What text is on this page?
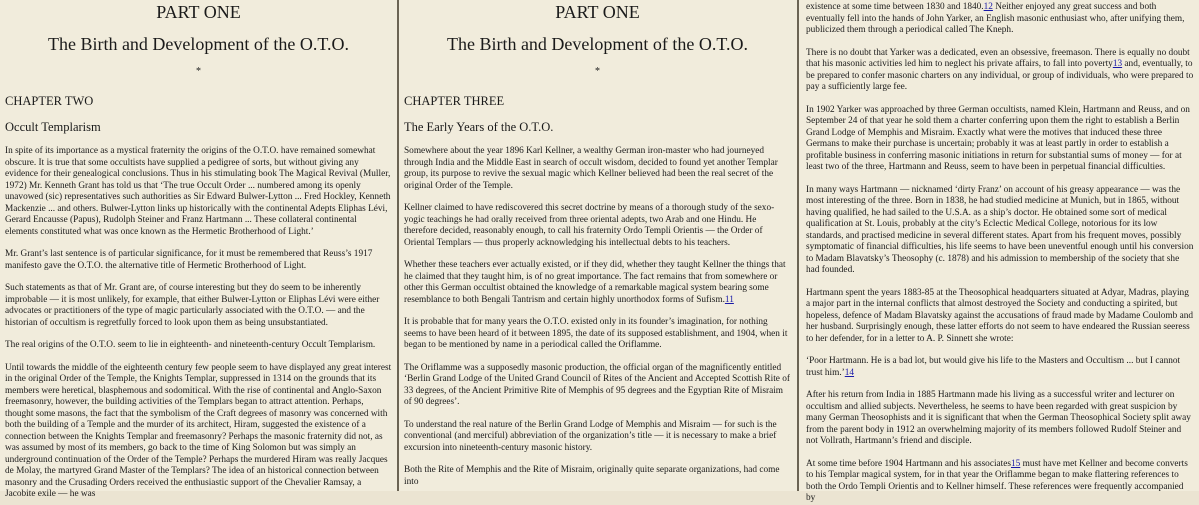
PART ONE
The Birth and Development of the O.T.O.
*
CHAPTER TWO
Occult Templarism

In spite of its importance as a mystical fraternity the origins of the O.T.O. have remained somewhat obscure. It is true that some occultists have supplied a pedigree of sorts, but without giving any evidence for their genealogical conclusions. Thus in his stimulating book The Magical Revival (Muller, 1972) Mr. Kenneth Grant has told us that ‘The true Occult Order ... numbered among its openly unavowed (sic) representatives such authorities as Sir Edward Bulwer-Lytton ... Fred Hockley, Kenneth Mackenzie ... and others. Bulwer-Lytton links up historically with the continental Adepts Eliphas Lévi, Gerard Encausse (Papus), Rudolph Steiner and Franz Hartmann ... These collateral continental elements constituted what was once known as the Hermetic Brotherhood of Light.’

Mr. Grant’s last sentence is of particular significance, for it must be remembered that Reuss’s 1917 manifesto gave the O.T.O. the alternative title of Hermetic Brotherhood of Light.

Such statements as that of Mr. Grant are, of course interesting but they do seem to be inherently improbable — it is most unlikely, for example, that either Bulwer-Lytton or Eliphas Lévi were either advocates or practitioners of the type of magic particularly associated with the O.T.O. — and the historian of occultism is regretfully forced to look upon them as being unsubstantiated.

The real origins of the O.T.O. seem to lie in eighteenth- and nineteenth-century Occult Templarism.

Until towards the middle of the eighteenth century few people seem to have displayed any great interest in the original Order of the Temple, the Knights Templar, suppressed in 1314 on the grounds that its members were heretical, blasphemous and sodomitical. With the rise of continental and Anglo-Saxon freemasonry, however, the building activities of the Templars began to attract attention. Perhaps, thought some masons, the fact that the symbolism of the Craft degrees of masonry was concerned with both the building of a Temple and the murder of its architect, Hiram, suggested the existence of a connection between the Knights Templar and freemasonry? Perhaps the masonic fraternity did not, as was assumed by most of its members, go back to the time of King Solomon but was simply an underground continuation of the Order of the Temple? Perhaps the murdered Hiram was really Jacques de Molay, the martyred Grand Master of the Templars? The idea of an historical connection between masonry and the Crusading Orders received the enthusiastic support of the Chevalier Ramsay, a Jacobite exile — he was

PART ONE
The Birth and Development of the O.T.O.
*
CHAPTER THREE
The Early Years of the O.T.O.

Somewhere about the year 1896 Karl Kellner, a wealthy German iron-master who had journeyed through India and the Middle East in search of occult wisdom, decided to found yet another Templar group, its purpose to revive the sexual magic which Kellner believed had been the real secret of the original Order of the Temple.

Kellner claimed to have rediscovered this secret doctrine by means of a thorough study of the sexo-yogic teachings he had orally received from three oriental adepts, two Arab and one Hindu. He therefore decided, reasonably enough, to call his fraternity Ordo Templi Orientis — the Order of Oriental Templars — thus properly acknowledging his intellectual debts to his teachers.

Whether these teachers ever actually existed, or if they did, whether they taught Kellner the things that he claimed that they taught him, is of no great importance. The fact remains that from somewhere or other this German occultist obtained the knowledge of a remarkable magical system bearing some resemblance to both Bengali Tantrism and certain highly unorthodox forms of Sufism.11

It is probable that for many years the O.T.O. existed only in its founder’s imagination, for nothing seems to have been heard of it between 1895, the date of its supposed establishment, and 1904, when it began to be mentioned by name in a periodical called the Oriflamme.

The Oriflamme was a supposedly masonic production, the official organ of the magnificently entitled ‘Berlin Grand Lodge of the United Grand Council of Rites of the Ancient and Accepted Scottish Rite of 33 degrees, of the Ancient Primitive Rite of Memphis of 95 degrees and the Egyptian Rite of Misraim of 90 degrees’.

To understand the real nature of the Berlin Grand Lodge of Memphis and Misraim — for such is the conventional (and merciful) abbreviation of the organization’s title — it is necessary to make a brief excursion into nineteenth-century masonic history.

Both the Rite of Memphis and the Rite of Misraim, originally quite separate organizations, had come into

existence at some time between 1830 and 1840.12 Neither enjoyed any great success and both eventually fell into the hands of John Yarker, an English masonic enthusiast who, after unifying them, publicized them through a periodical called The Kneph.

There is no doubt that Yarker was a dedicated, even an obsessive, freemason. There is equally no doubt that his masonic activities led him to neglect his private affairs, to fall into poverty13 and, eventually, to be prepared to confer masonic charters on any individual, or group of individuals, who were prepared to pay a sufficiently large fee.

In 1902 Yarker was approached by three German occultists, named Klein, Hartmann and Reuss, and on September 24 of that year he sold them a charter conferring upon them the right to establish a Berlin Grand Lodge of Memphis and Misraim. Exactly what were the motives that induced these three Germans to make their purchase is uncertain; probably it was at least partly in order to establish a profitable business in conferring masonic initiations in return for substantial sums of money — for at least two of the three, Hartmann and Reuss, seem to have been in perpetual financial difficulties.

In many ways Hartmann — nicknamed ‘dirty Franz’ on account of his greasy appearance — was the most interesting of the three. Born in 1838, he had studied medicine at Munich, but in 1865, without having qualified, he had sailed to the U.S.A. as a ship’s doctor. He obtained some sort of medical qualification at St. Louis, probably at the city’s Eclectic Medical College, notorious for its low standards, and practised medicine in several different states. Apart from his frequent moves, possibly symptomatic of financial difficulties, his life seems to have been uneventful enough until his conversion to Madam Blavatsky’s Theosophy (c. 1878) and his admission to membership of the society that she had founded.

Hartmann spent the years 1883-85 at the Theosophical headquarters situated at Adyar, Madras, playing a major part in the internal conflicts that almost destroyed the Society and conducting a spirited, but hopeless, defence of Madam Blavatsky against the accusations of fraud made by Madame Coulomb and her husband. Surprisingly enough, these latter efforts do not seem to have endeared the Russian seeress to her defender, for in a letter to A. P. Sinnett she wrote:

‘Poor Hartmann. He is a bad lot, but would give his life to the Masters and Occultism ... but I cannot trust him.’14

After his return from India in 1885 Hartmann made his living as a successful writer and lecturer on occultism and allied subjects. Nevertheless, he seems to have been regarded with great suspicion by many German Theosophists and it is significant that when the German Theosophical Society split away from the parent body in 1912 an overwhelming majority of its members followed Rudolf Steiner and not Vollrath, Hartmann’s friend and disciple.

At some time before 1904 Hartmann and his associates15 must have met Kellner and become converts to his Templar magical system, for in that year the Oriflamme began to make flattering references to both the Ordo Templi Orientis and to Kellner himself. These references were frequently accompanied by
